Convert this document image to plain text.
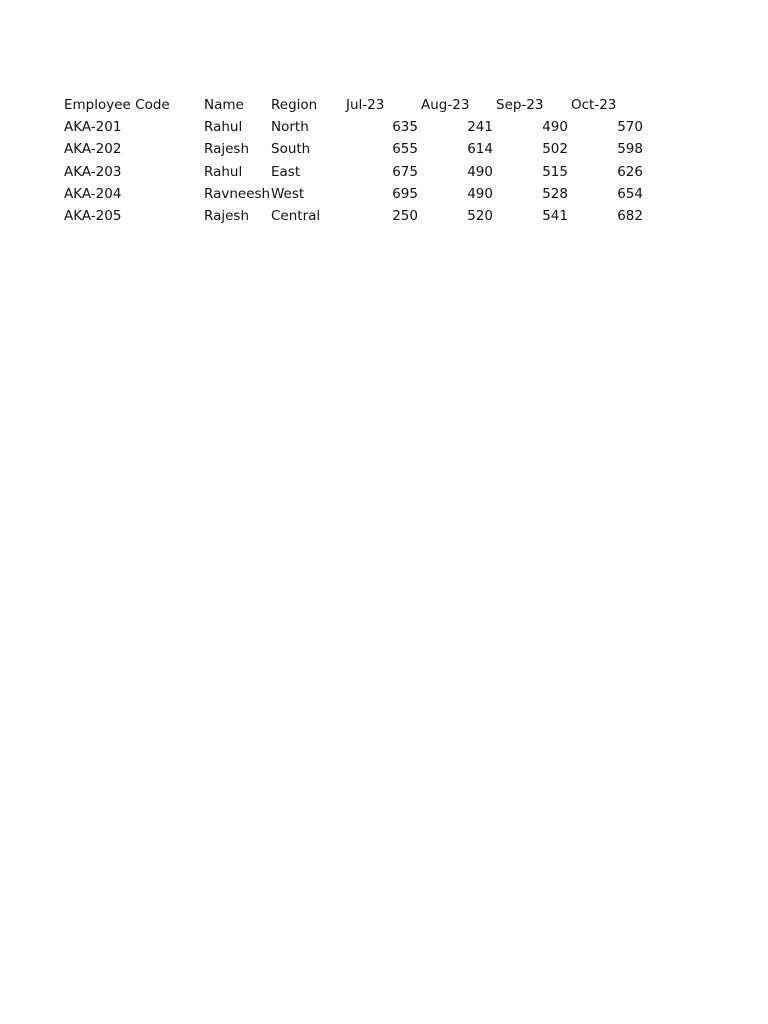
Employee Code	Name Region Jul-23	Aug-23 Sep-23 Oct-23
AKA-201	Rahul North	635	241	490	570
AKA-202	Rajesh South	655	614	502	598
AKA-203	Rahul East	675	490	515	626
AKA-204	Ravneesh West	695	490	528	654
AKA-205	Rajesh Central	250	520	541	682
